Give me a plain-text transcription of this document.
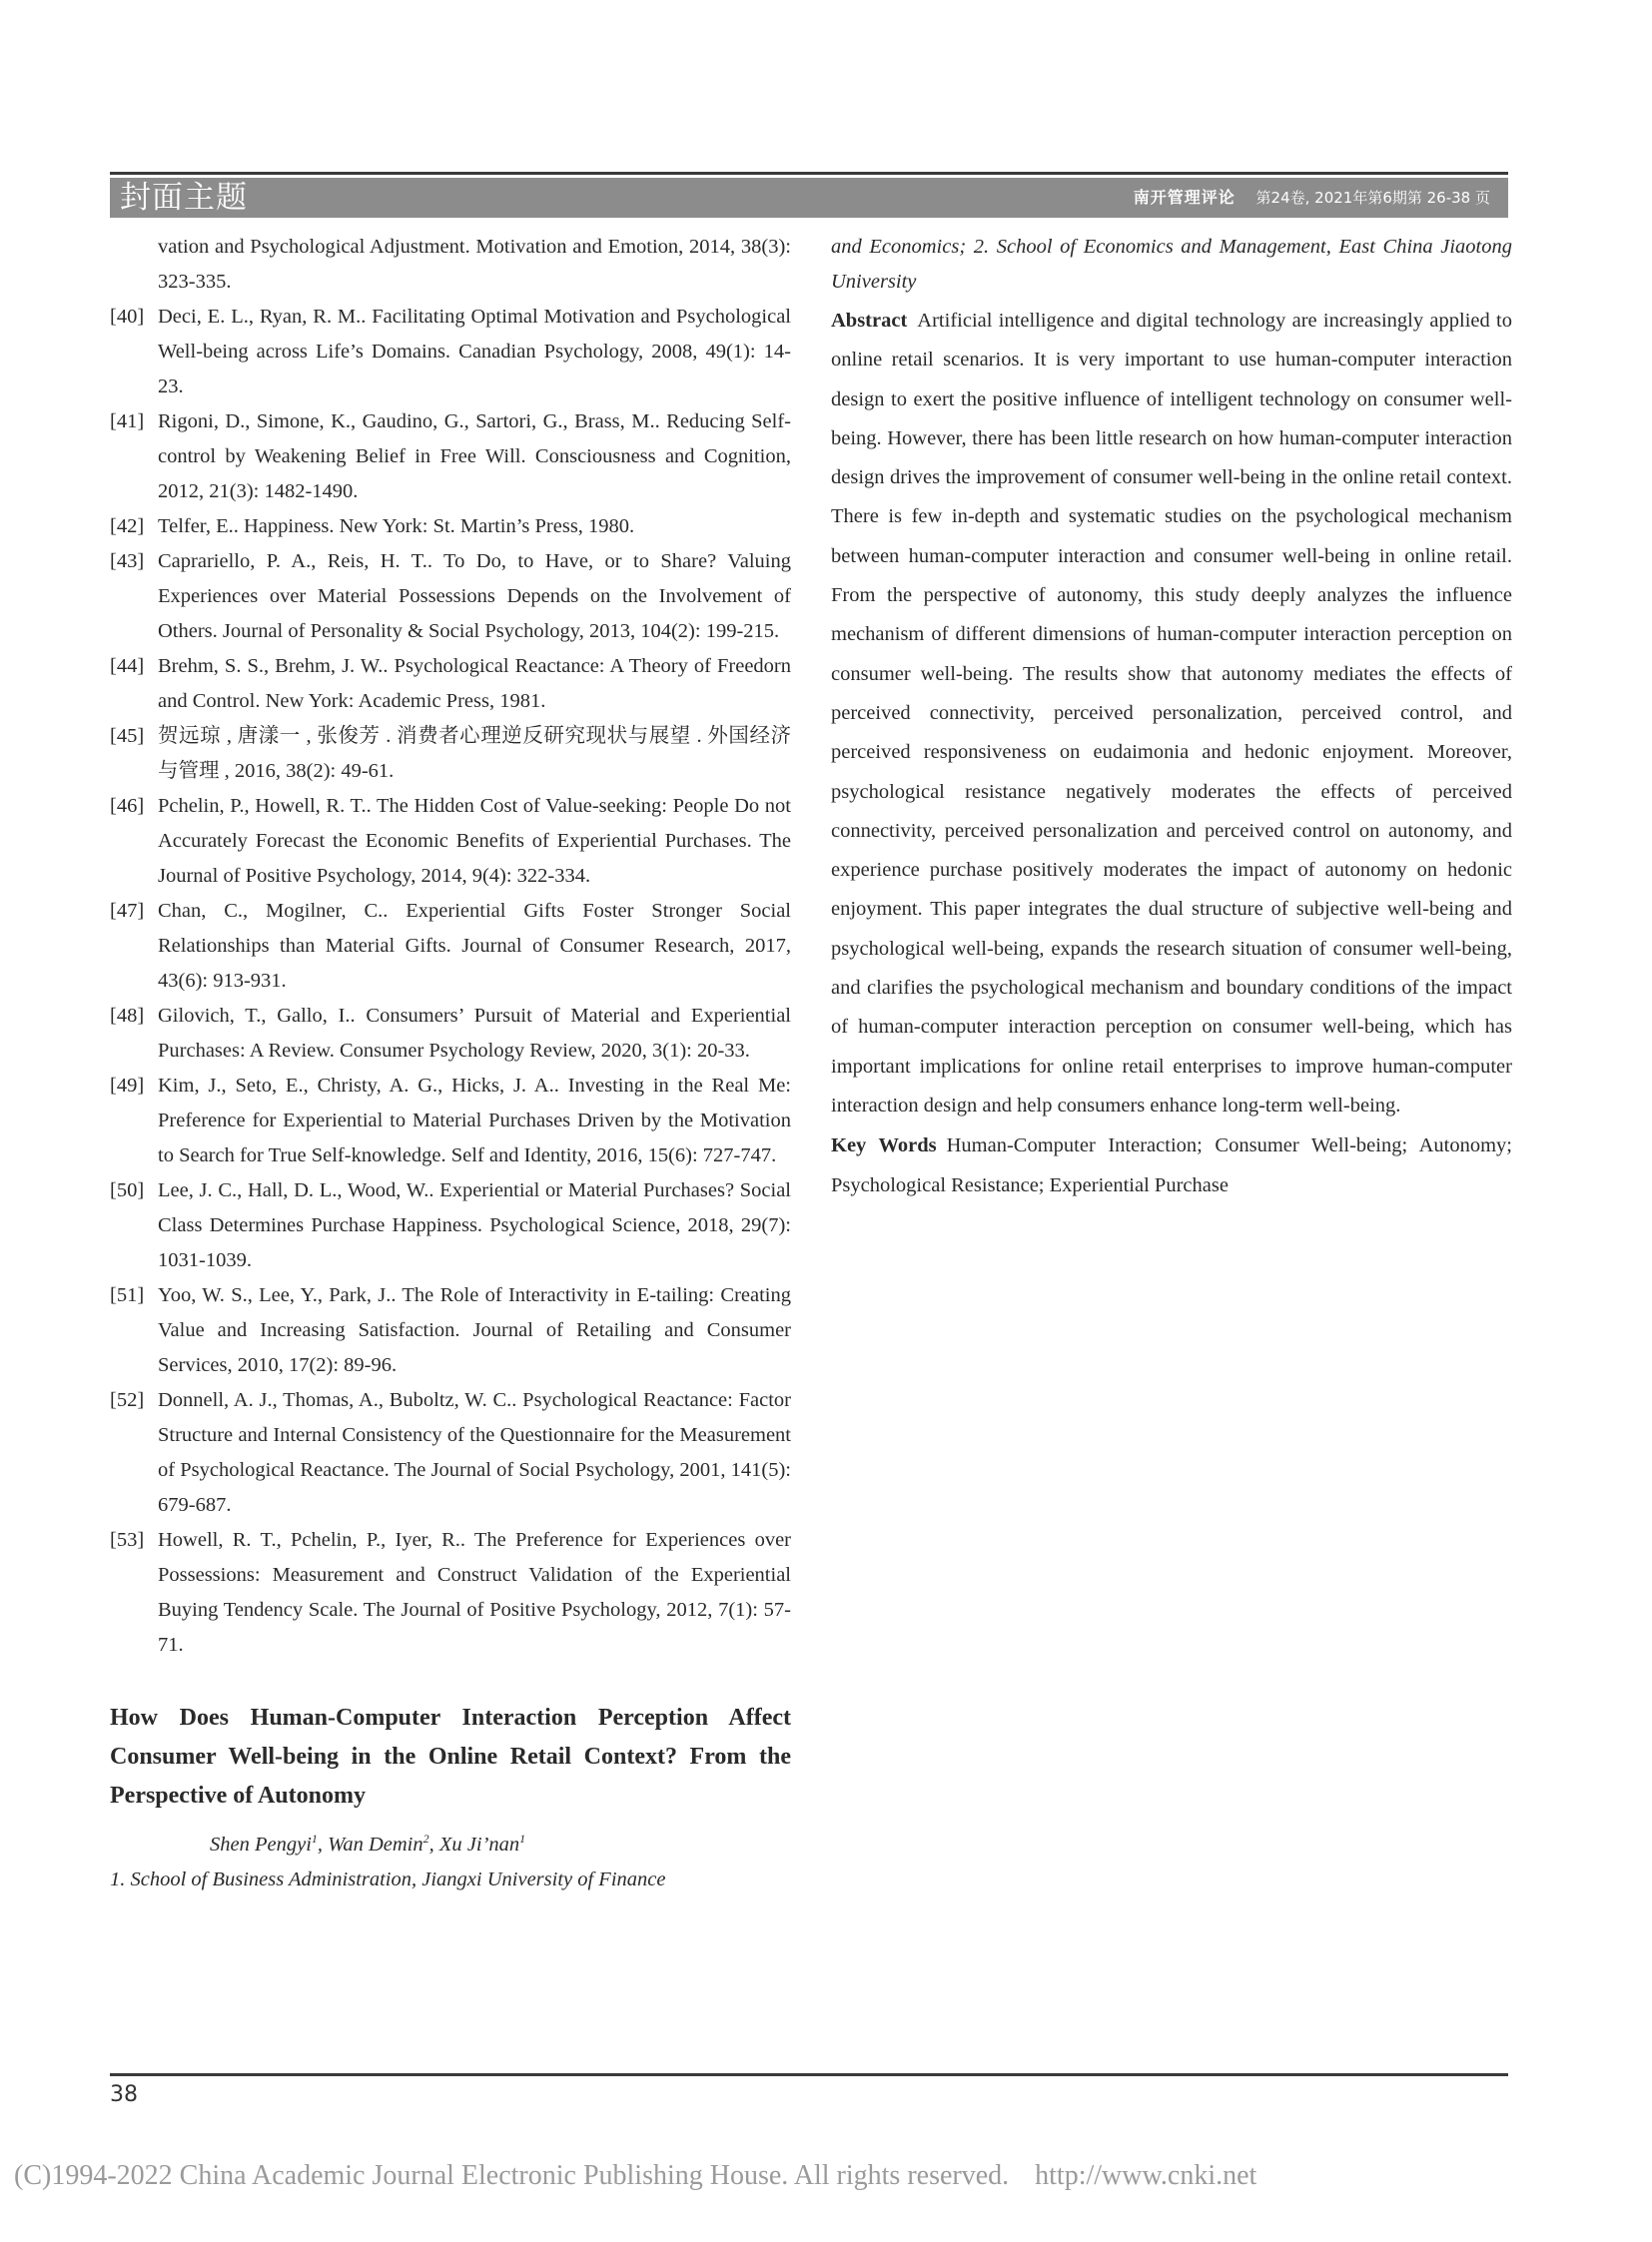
封面主题	南开管理评论 第24卷, 2021年第6期第 26-38 页
vation and Psychological Adjustment. Motivation and Emotion, 2014, 38(3): 323-335.
[40] Deci, E. L., Ryan, R. M.. Facilitating Optimal Motivation and Psychological Well-being across Life’s Domains. Canadian Psychology, 2008, 49(1): 14-23.
[41] Rigoni, D., Simone, K., Gaudino, G., Sartori, G., Brass, M.. Reducing Self-control by Weakening Belief in Free Will. Consciousness and Cognition, 2012, 21(3): 1482-1490.
[42] Telfer, E.. Happiness. New York: St. Martin’s Press, 1980.
[43] Caprariello, P. A., Reis, H. T.. To Do, to Have, or to Share? Valuing Experiences over Material Possessions Depends on the Involvement of Others. Journal of Personality & Social Psychology, 2013, 104(2): 199-215.
[44] Brehm, S. S., Brehm, J. W.. Psychological Reactance: A Theory of Freedorn and Control. New York: Academic Press, 1981.
[45] 贺远琼 , 唐漾一 , 张俊芳 . 消费者心理逆反研究现状与展望 . 外国经济与管理 , 2016, 38(2): 49-61.
[46] Pchelin, P., Howell, R. T.. The Hidden Cost of Value-seeking: People Do not Accurately Forecast the Economic Benefits of Experiential Purchases. The Journal of Positive Psychology, 2014, 9(4): 322-334.
[47] Chan, C., Mogilner, C.. Experiential Gifts Foster Stronger Social Relationships than Material Gifts. Journal of Consumer Research, 2017, 43(6): 913-931.
[48] Gilovich, T., Gallo, I.. Consumers’ Pursuit of Material and Experiential Purchases: A Review. Consumer Psychology Review, 2020, 3(1): 20-33.
[49] Kim, J., Seto, E., Christy, A. G., Hicks, J. A.. Investing in the Real Me: Preference for Experiential to Material Purchases Driven by the Motivation to Search for True Self-knowledge. Self and Identity, 2016, 15(6): 727-747.
[50] Lee, J. C., Hall, D. L., Wood, W.. Experiential or Material Purchases? Social Class Determines Purchase Happiness. Psychological Science, 2018, 29(7): 1031-1039.
[51] Yoo, W. S., Lee, Y., Park, J.. The Role of Interactivity in E-tailing: Creating Value and Increasing Satisfaction. Journal of Retailing and Consumer Services, 2010, 17(2): 89-96.
[52] Donnell, A. J., Thomas, A., Buboltz, W. C.. Psychological Reactance: Factor Structure and Internal Consistency of the Questionnaire for the Measurement of Psychological Reactance. The Journal of Social Psychology, 2001, 141(5): 679-687.
[53] Howell, R. T., Pchelin, P., Iyer, R.. The Preference for Experiences over Possessions: Measurement and Construct Validation of the Experiential Buying Tendency Scale. The Journal of Positive Psychology, 2012, 7(1): 57-71.
How Does Human-Computer Interaction Perception Affect Consumer Well-being in the Online Retail Context? From the Perspective of Autonomy
Shen Pengyi$^1$, Wan Demin$^2$, Xu Ji’nan$^1$
1. School of Business Administration, Jiangxi University of Finance
and Economics; 2. School of Economics and Management, East China Jiaotong University
Abstract Artificial intelligence and digital technology are increasingly applied to online retail scenarios. It is very important to use human-computer interaction design to exert the positive influence of intelligent technology on consumer well-being. However, there has been little research on how human-computer interaction design drives the improvement of consumer well-being in the online retail context. There is few in-depth and systematic studies on the psychological mechanism between human-computer interaction and consumer well-being in online retail. From the perspective of autonomy, this study deeply analyzes the influence mechanism of different dimensions of human-computer interaction perception on consumer well-being. The results show that autonomy mediates the effects of perceived connectivity, perceived personalization, perceived control, and perceived responsiveness on eudaimonia and hedonic enjoyment. Moreover, psychological resistance negatively moderates the effects of perceived connectivity, perceived personalization and perceived control on autonomy, and experience purchase positively moderates the impact of autonomy on hedonic enjoyment. This paper integrates the dual structure of subjective well-being and psychological well-being, expands the research situation of consumer well-being, and clarifies the psychological mechanism and boundary conditions of the impact of human-computer interaction perception on consumer well-being, which has important implications for online retail enterprises to improve human-computer interaction design and help consumers enhance long-term well-being.
Key Words Human-Computer Interaction; Consumer Well-being; Autonomy; Psychological Resistance; Experiential Purchase
38
(C)1994-2022 China Academic Journal Electronic Publishing House. All rights reserved. http://www.cnki.net
